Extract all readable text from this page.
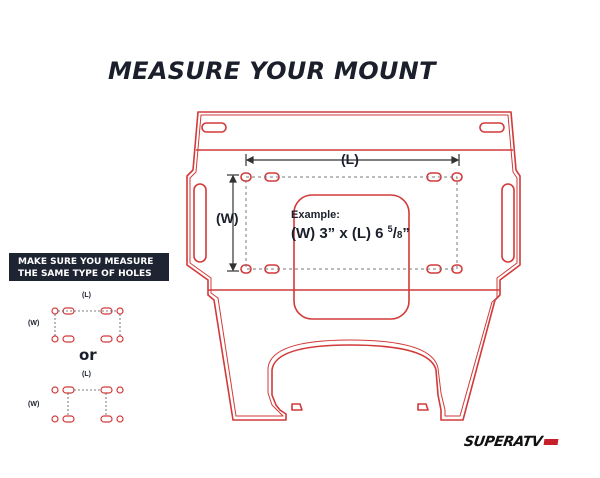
MEASURE YOUR MOUNT
(L)
(W)	Example:
(W) 3” x (L) 6 $^5$/8”
MAKE SURE YOU MEASURE
THE SAME TYPE OF HOLES
(L)
(W)
or
(L)
(W)
SUPERATV
